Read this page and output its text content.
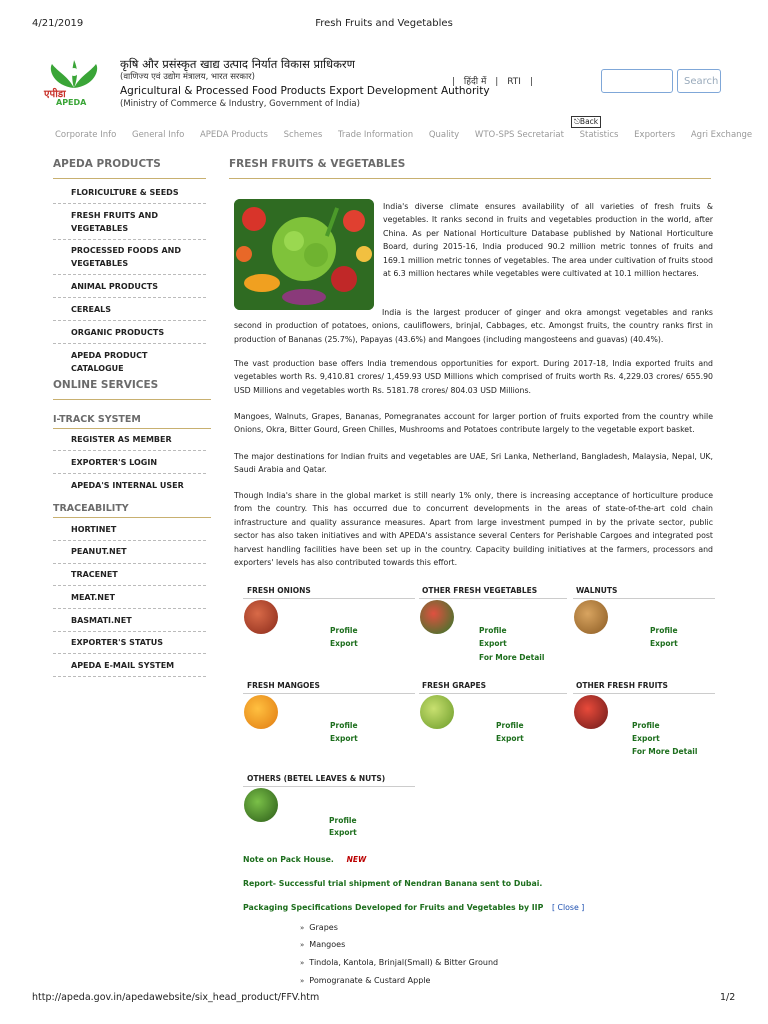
4/21/2019	Fresh Fruits and Vegetables
एपीडा
APEDA
कृषि और प्रसंस्कृत खाद्य उत्पाद निर्यात विकास प्राधिकरण
(वाणिज्य एवं उद्योग मंत्रालय, भारत सरकार)
Agricultural & Processed Food Products Export Development Authority
(Ministry of Commerce & Industry, Government of India)
| हिंदी में | RTI |	Search
⎋Back
Corporate Info General Info APEDA Products Schemes Trade Information Quality WTO-SPS Secretariat Statistics Exporters Agri Exchange
APEDA PRODUCTS
FLORICULTURE & SEEDS
FRESH FRUITS AND VEGETABLES
PROCESSED FOODS AND VEGETABLES
ANIMAL PRODUCTS
CEREALS
ORGANIC PRODUCTS
APEDA PRODUCT CATALOGUE
ONLINE SERVICES
I-TRACK SYSTEM
REGISTER AS MEMBER
EXPORTER'S LOGIN
APEDA'S INTERNAL USER
TRACEABILITY
HORTINET
PEANUT.NET
TRACENET
MEAT.NET
BASMATI.NET
EXPORTER'S STATUS
APEDA E-MAIL SYSTEM
FRESH FRUITS & VEGETABLES
India's diverse climate ensures availability of all varieties of fresh fruits & vegetables. It ranks second in fruits and vegetables production in the world, after China. As per National Horticulture Database published by National Horticulture Board, during 2015-16, India produced 90.2 million metric tonnes of fruits and 169.1 million metric tonnes of vegetables. The area under cultivation of fruits stood at 6.3 million hectares while vegetables were cultivated at 10.1 million hectares.
India is the largest producer of ginger and okra amongst vegetables and ranks second in production of potatoes, onions, cauliflowers, brinjal, Cabbages, etc. Amongst fruits, the country ranks first in production of Bananas (25.7%), Papayas (43.6%) and Mangoes (including mangosteens and guavas) (40.4%).
The vast production base offers India tremendous opportunities for export. During 2017-18, India exported fruits and vegetables worth Rs. 9,410.81 crores/ 1,459.93 USD Millions which comprised of fruits worth Rs. 4,229.03 crores/ 655.90 USD Millions and vegetables worth Rs. 5181.78 crores/ 804.03 USD Millions.
Mangoes, Walnuts, Grapes, Bananas, Pomegranates account for larger portion of fruits exported from the country while Onions, Okra, Bitter Gourd, Green Chilles, Mushrooms and Potatoes contribute largely to the vegetable export basket.
The major destinations for Indian fruits and vegetables are UAE, Sri Lanka, Netherland, Bangladesh, Malaysia, Nepal, UK, Saudi Arabia and Qatar.
Though India's share in the global market is still nearly 1% only, there is increasing acceptance of horticulture produce from the country. This has occurred due to concurrent developments in the areas of state-of-the-art cold chain infrastructure and quality assurance measures. Apart from large investment pumped in by the private sector, public sector has also taken initiatives and with APEDA's assistance several Centers for Perishable Cargoes and integrated post harvest handling facilities have been set up in the country. Capacity building initiatives at the farmers, processors and exporters' levels has also contributed towards this effort.
FRESH ONIONS
Profile
Export
OTHER FRESH VEGETABLES
Profile
Export
For More Detail
WALNUTS
Profile
Export
FRESH MANGOES
Profile
Export
FRESH GRAPES
Profile
Export
OTHER FRESH FRUITS
Profile
Export
For More Detail
OTHERS (BETEL LEAVES & NUTS)
Profile
Export
Note on Pack House. NEW
Report- Successful trial shipment of Nendran Banana sent to Dubai.
Packaging Specifications Developed for Fruits and Vegetables by IIP [ Close ]
» Grapes
» Mangoes
» Tindola, Kantola, Brinjal(Small) & Bitter Ground
» Pomogranate & Custard Apple
http://apeda.gov.in/apedawebsite/six_head_product/FFV.htm	1/2
